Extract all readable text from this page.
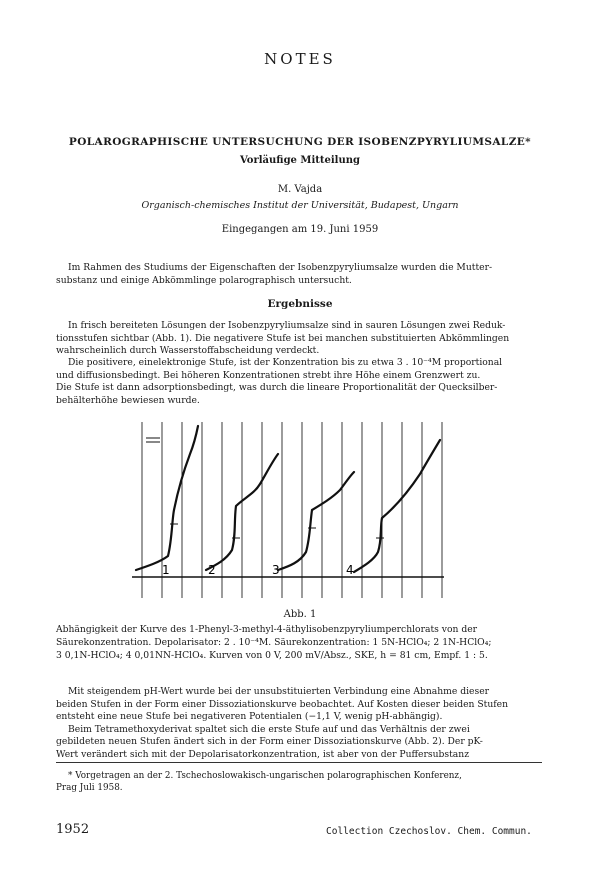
NOTES
POLAROGRAPHISCHE UNTERSUCHUNG DER ISOBENZPYRYLIUMSALZE*
Vorläufige Mitteilung
M. Vajda
Organisch-chemisches Institut der Universität, Budapest, Ungarn
Eingegangen am 19. Juni 1959
Im Rahmen des Studiums der Eigenschaften der Isobenzpyryliumsalze wurden die Mutter-
substanz und einige Abkömmlinge polarographisch untersucht.
Ergebnisse
In frisch bereiteten Lösungen der Isobenzpyryliumsalze sind in sauren Lösungen zwei Reduk-
tionsstufen sichtbar (Abb. 1). Die negativere Stufe ist bei manchen substituierten Abkömmlingen
wahrscheinlich durch Wasserstoffabscheidung verdeckt.
Die positivere, einelektronige Stufe, ist der Konzentration bis zu etwa 3 . 10⁻⁴M proportional
und diffusionsbedingt. Bei höheren Konzentrationen strebt ihre Höhe einem Grenzwert zu.
Die Stufe ist dann adsorptionsbedingt, was durch die lineare Proportionalität der Quecksilber-
behälterhöhe bewiesen wurde.
1	2	3	4
Abb. 1
Abhängigkeit der Kurve des 1-Phenyl-3-methyl-4-äthylisobenzpyryliumperchlorats von der
Säurekonzentration. Depolarisator: 2 . 10⁻⁴M. Säurekonzentration: 1 5N-HClO₄; 2 1N-HClO₄;
3 0,1N-HClO₄; 4 0,01NN-HClO₄. Kurven von 0 V, 200 mV/Absz., SKE, h = 81 cm, Empf. 1 : 5.
Mit steigendem pH-Wert wurde bei der unsubstituierten Verbindung eine Abnahme dieser
beiden Stufen in der Form einer Dissoziationskurve beobachtet. Auf Kosten dieser beiden Stufen
entsteht eine neue Stufe bei negativeren Potentialen (−1,1 V, wenig pH-abhängig).
Beim Tetramethoxyderivat spaltet sich die erste Stufe auf und das Verhältnis der zwei
gebildeten neuen Stufen ändert sich in der Form einer Dissoziationskurve (Abb. 2). Der pK-
Wert verändert sich mit der Depolarisatorkonzentration, ist aber von der Puffersubstanz
* Vorgetragen an der 2. Tschechoslowakisch-ungarischen polarographischen Konferenz,
Prag Juli 1958.
1952	Collection Czechoslov. Chem. Commun.
